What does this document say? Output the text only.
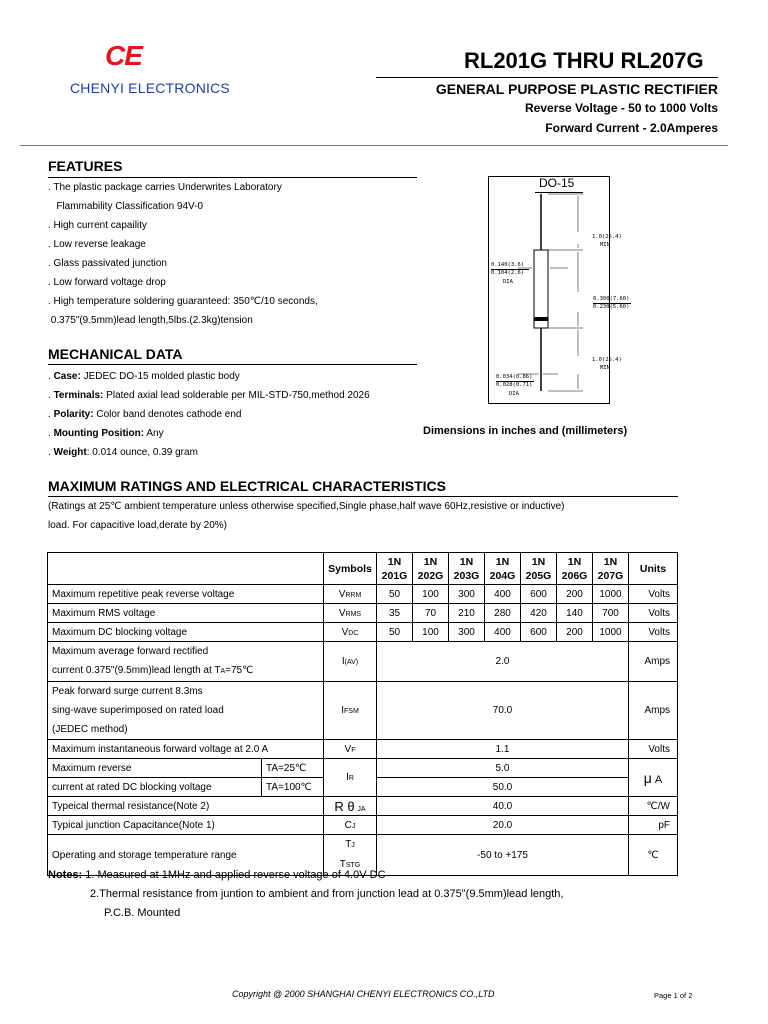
CE
CHENYI ELECTRONICS
RL201G THRU RL207G
GENERAL PURPOSE PLASTIC RECTIFIER
Reverse Voltage - 50 to 1000 Volts
Forward Current - 2.0Amperes
FEATURES
. The plastic package carries Underwrites Laboratory
Flammability Classification 94V-0
. High current capaility
. Low reverse leakage
. Glass passivated junction
. Low forward voltage drop
. High temperature soldering guaranteed: 350℃/10 seconds,
0.375"(9.5mm)lead length,5lbs.(2.3kg)tension
DO-15
1.0(25.4)
MIN
0.140(3.6)
0.104(2.6)
DIA
0.300(7.60)
0.230(5.60)
1.0(25.4)
MIN
0.034(0.86)
0.028(0.71)
DIA
Dimensions in inches and (millimeters)
MECHANICAL DATA
. Case: JEDEC DO-15 molded plastic body
. Terminals: Plated axial lead solderable per MIL-STD-750,method 2026
. Polarity: Color band denotes cathode end
. Mounting Position: Any
. Weight: 0.014 ounce, 0.39 gram
MAXIMUM RATINGS AND ELECTRICAL CHARACTERISTICS
(Ratings at 25℃ ambient temperature unless otherwise specified,Single phase,half wave 60Hz,resistive or inductive)
load. For capacitive load,derate by 20%)
		Symbols	1N
201G	1N
202G	1N
203G	1N
204G	1N
205G	1N
206G	1N
207G	Units
Maximum repetitive peak reverse voltage		VRRM	50	100	300	400	600	200	1000	Volts
Maximum RMS voltage		VRMS	35	70	210	280	420	140	700	Volts
Maximum DC blocking voltage		VDC	50	100	300	400	600	200	1000	Volts
Maximum average forward rectified
current 0.375"(9.5mm)lead length at TA=75℃		I(AV)	2.0							Amps
Peak forward surge current 8.3ms
sing-wave superimposed on rated load
(JEDEC method)		IFSM	70.0							Amps
Maximum instantaneous forward voltage at 2.0 A		VF	1.1							Volts
Maximum reverse	TA=25℃	IR	5.0							μ A
current at rated DC blocking voltage	TA=100℃		50.0							
Typeical thermal resistance(Note 2)		R θ JA	40.0							℃/W
Typical junction Capacitance(Note 1)		CJ	20.0							pF
Operating and storage temperature range		TJ
TSTG	-50 to +175							℃
Notes: 1. Measured at 1MHz and applied reverse voltage of 4.0V DC
2.Thermal resistance from juntion to ambient and from junction lead at 0.375"(9.5mm)lead length,
P.C.B. Mounted
Copyright @ 2000 SHANGHAI CHENYI ELECTRONICS CO.,LTD	Page 1 of 2
